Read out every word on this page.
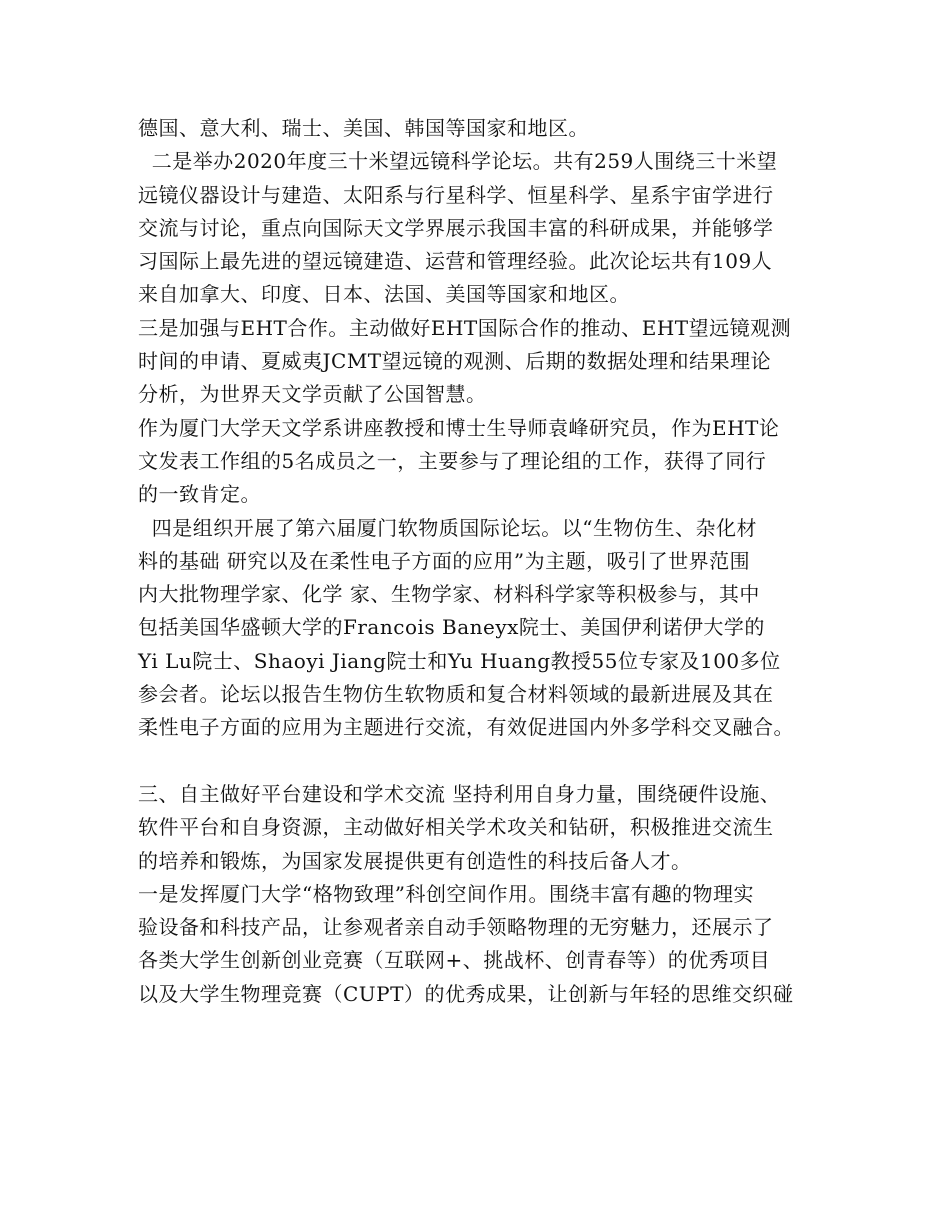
德国、意大利、瑞士、美国、韩国等国家和地区。
二是举办2020年度三十米望远镜科学论坛。共有259人围绕三十米望
远镜仪器设计与建造、太阳系与行星科学、恒星科学、星系宇宙学进行
交流与讨论，重点向国际天文学界展示我国丰富的科研成果，并能够学
习国际上最先进的望远镜建造、运营和管理经验。此次论坛共有109人
来自加拿大、印度、日本、法国、美国等国家和地区。
三是加强与EHT合作。主动做好EHT国际合作的推动、EHT望远镜观测
时间的申请、夏威夷JCMT望远镜的观测、后期的数据处理和结果理论
分析，为世界天文学贡献了公国智慧。
作为厦门大学天文学系讲座教授和博士生导师袁峰研究员，作为EHT论
文发表工作组的5名成员之一，主要参与了理论组的工作，获得了同行
的一致肯定。
四是组织开展了第六届厦门软物质国际论坛。以“生物仿生、杂化材
料的基础 研究以及在柔性电子方面的应用”为主题，吸引了世界范围
内大批物理学家、化学 家、生物学家、材料科学家等积极参与，其中
包括美国华盛顿大学的Francois Baneyx院士、美国伊利诺伊大学的
Yi Lu院士、Shaoyi Jiang院士和Yu Huang教授55位专家及100多位
参会者。论坛以报告生物仿生软物质和复合材料领域的最新进展及其在
柔性电子方面的应用为主题进行交流，有效促进国内外多学科交叉融合。
三、自主做好平台建设和学术交流 坚持利用自身力量，围绕硬件设施、
软件平台和自身资源，主动做好相关学术攻关和钻研，积极推进交流生
的培养和锻炼，为国家发展提供更有创造性的科技后备人才。
一是发挥厦门大学“格物致理”科创空间作用。围绕丰富有趣的物理实
验设备和科技产品，让参观者亲自动手领略物理的无穷魅力，还展示了
各类大学生创新创业竞赛（互联网+、挑战杯、创青春等）的优秀项目
以及大学生物理竞赛（CUPT）的优秀成果，让创新与年轻的思维交织碰
